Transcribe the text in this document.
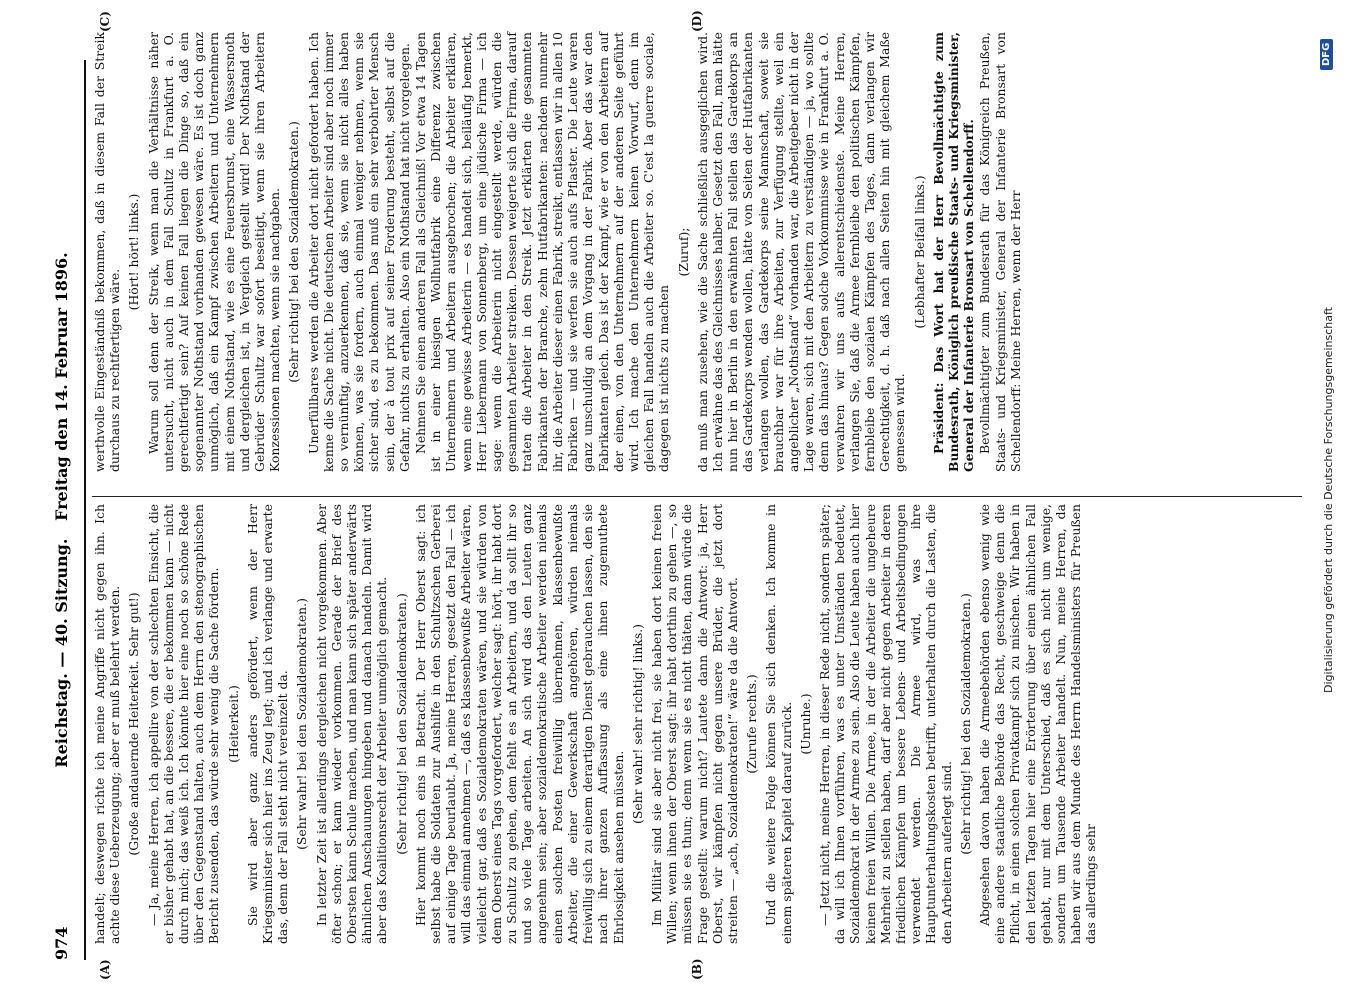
974
Reichstag. — 40. Sitzung. Freitag den 14. Februar 1896.
(A)	(B)
(C)	(D)

handelt; deswegen richte ich meine Angriffe nicht gegen ihn. Ich achte diese Ueberzeugung; aber er muß belehrt werden. (Große andauernde Heiterkeit. Sehr gut!) — Ja, meine Herren, ich appellire von der schlechten Einsicht, die er bisher gehabt hat, an die bessere, die er bekommen kann — nicht durch mich; das weiß ich. Ich könnte hier eine noch so schöne Rede über den Gegenstand halten, auch dem Herrn den stenographischen Bericht zusenden, das würde sehr wenig die Sache fördern. (Heiterkeit.) Sie wird aber ganz anders gefördert, wenn der Herr Kriegsminister sich hier ins Zeug legt; und ich verlange und erwarte das, denn der Fall steht nicht vereinzelt da. (Sehr wahr! bei den Sozialdemokraten.) In letzter Zeit ist allerdings dergleichen nicht vorgekommen. Aber öfter schon; er kann wieder vorkommen. Gerade der Brief des Obersten kann Schule machen, und man kann sich später anderwärts ähnlichen Anschauungen hingeben und danach handeln. Damit wird aber das Koalitionsrecht der Arbeiter unmöglich gemacht. (Sehr richtig! bei den Sozialdemokraten.) Hier kommt noch eins in Betracht. Der Herr Oberst sagt: ich selbst habe die Soldaten zur Aushilfe in den Schultzschen Gerberei auf einige Tage beurlaubt. Ja, meine Herren, gesetzt den Fall — ich will das einmal annehmen —, daß es klassenbewußte Arbeiter wären, vielleicht gar, daß es Sozialdemokraten wären, und sie würden von dem Oberst eines Tags vorgefordert, welcher sagt: hört, ihr habt dort zu Schultz zu gehen, dem fehlt es an Arbeitern, und da sollt ihr so und so viele Tage arbeiten. An sich wird das den Leuten ganz angenehm sein; aber sozialdemokratische Arbeiter werden niemals einen solchen Posten freiwillig übernehmen, klassenbewußte Arbeiter, die einer Gewerkschaft angehören, würden niemals freiwillig sich zu einem derartigen Dienst gebrauchen lassen, den sie nach ihrer ganzen Auffassung als eine ihnen zugemuthete Ehrlosigkeit ansehen müssten.

(Sehr wahr! sehr richtig! links.) Im Militär sind sie aber nicht frei, sie haben dort keinen freien Willen; wenn ihnen der Oberst sagt: ihr habt dorthin zu gehen —, so müssen sie es thun; denn wenn sie es nicht thäten, dann würde die Frage gestellt: warum nicht? Lautete dann die Antwort: ja, Herr Oberst, wir kämpfen nicht gegen unsere Brüder, die jetzt dort streiten — „ach, Sozialdemokraten!“ wäre da die Antwort. (Zurufe rechts.) Und die weitere Folge können Sie sich denken. Ich komme in einem späteren Kapitel darauf zurück. (Unruhe.) — Jetzt nicht, meine Herren, in dieser Rede nicht, sondern später; da will ich Ihnen vorführen, was es unter Umständen bedeutet, Sozialdemokrat in der Armee zu sein. Also die Leute haben auch hier keinen freien Willen. Die Armee, in der die Arbeiter die ungeheure Mehrheit zu stellen haben, darf aber nicht gegen Arbeiter in deren friedlichen Kämpfen um bessere Lebens- und Arbeitsbedingungen verwendet werden. Die Armee wird, was ihre Hauptunterhaltungskosten betrifft, unterhalten durch die Lasten, die den Arbeitern auferlegt sind. (Sehr richtig! bei den Sozialdemokraten.) Abgesehen davon haben die Armeebehörden ebenso wenig wie eine andere staatliche Behörde das Recht, geschweige denn die Pflicht, in einen solchen Privatkampf sich zu mischen. Wir haben in den letzten Tagen hier eine Erörterung über einen ähnlichen Fall gehabt, nur mit dem Unterschied, daß es sich nicht um wenige, sondern um Tausende Arbeiter handelt. Nun, meine Herren, da haben wir aus dem Munde des Herrn Handelsministers für Preußen das allerdings sehr

werthvolle Eingeständniß bekommen, daß in diesem Fall der Streik durchaus zu rechtfertigen wäre.

(Hört! hört! links.) Warum soll denn der Streik, wenn man die Verhältnisse näher untersucht, nicht auch in dem Fall Schultz in Frankfurt a. O. gerechtfertigt sein? Auf keinen Fall liegen die Dinge so, daß ein sogenannter Nothstand vorhanden gewesen wäre. Es ist doch ganz unmöglich, daß ein Kampf zwischen Arbeitern und Unternehmern mit einem Nothstand, wie es eine Feuersbrunst, eine Wassersnoth und dergleichen ist, in Vergleich gestellt wird! Der Nothstand der Gebrüder Schultz war sofort beseitigt, wenn sie ihren Arbeitern Konzessionen machten, wenn sie nachgaben. (Sehr richtig! bei den Sozialdemokraten.) Unerfüllbares werden die Arbeiter dort nicht gefordert haben. Ich kenne die Sache nicht. Die deutschen Arbeiter sind aber noch immer so vernünftig, anzuerkennen, daß sie, wenn sie nicht alles haben können, was sie fordern, auch einmal weniger nehmen, wenn sie sicher sind, es zu bekommen. Das muß ein sehr verbohrter Mensch sein, der à tout prix auf seiner Forderung besteht, selbst auf die Gefahr, nichts zu erhalten. Also ein Nothstand hat nicht vorgelegen. Nehmen Sie einen anderen Fall als Gleichniß! Vor etwa 14 Tagen ist in einer hiesigen Wollhutfabrik eine Differenz zwischen Unternehmern und Arbeitern ausgebrochen; die Arbeiter erklären, wenn eine gewisse Arbeiterin — es handelt sich, beiläufig bemerkt, Herr Liebermann von Sonnenberg, um eine jüdische Firma — ich sage: wenn die Arbeiterin nicht eingestellt werde, würden die gesammten Arbeiter streiken. Dessen weigerte sich die Firma, darauf traten die Arbeiter in den Streik. Jetzt erklärten die gesammten Fabrikanten der Branche, zehn Hutfabrikanten: nachdem nunmehr ihr, die Arbeiter dieser einen Fabrik, streikt, entlassen wir in allen 10 Fabriken — und sie werfen sie auch aufs Pflaster. Die Leute waren ganz unschuldig an dem Vorgang in der Fabrik. Aber das war den Fabrikanten gleich. Das ist der Kampf, wie er von den Arbeitern auf der einen, von den Unternehmern auf der anderen Seite geführt wird. Ich mache den Unternehmern keinen Vorwurf, denn im gleichen Fall handeln auch die Arbeiter so. C'est la guerre sociale, dagegen ist nichts zu machen

(Zuruf); da muß man zusehen, wie die Sache schließlich ausgeglichen wird. Ich erwähne das des Gleichnisses halber. Gesetzt den Fall, man hätte nun hier in Berlin in den erwähnten Fall stellen das Gardekorps an das Gardekorps wenden wollen, hätte von Seiten der Hutfabrikanten verlangen wollen, das Gardekorps seine Mannschaft, soweit sie brauchbar war für ihre Arbeiten, zur Verfügung stellte, weil ein angeblicher „Nothstand“ vorhanden war, die Arbeitgeber nicht in der Lage waren, sich mit den Arbeitern zu verständigen — ja, wo sollte denn das hinaus? Gegen solche Vorkommnisse wie in Frankfurt a. O. verwahren wir uns aufs allerentschiedenste. Meine Herren, verlangen Sie, daß die Armee fernbleibe den politischen Kämpfen, fernbleibe den sozialen Kämpfen des Tages, dann verlangen wir Gerechtigkeit, d. h. daß nach allen Seiten hin mit gleichem Maße gemessen wird.

(Lebhafter Beifall links.) Präsident: Das Wort hat der Herr Bevollmächtigte zum Bundesrath, Königlich preußische Staats- und Kriegsminister, General der Infanterie Bronsart von Schellendorff. Bevollmächtigter zum Bundesrath für das Königreich Preußen, Staats- und Kriegsminister, General der Infanterie Bronsart von Schellendorff: Meine Herren, wenn der Herr	Digitalisierung gefördert durch die Deutsche Forschungsgemeinschaft
DFG
